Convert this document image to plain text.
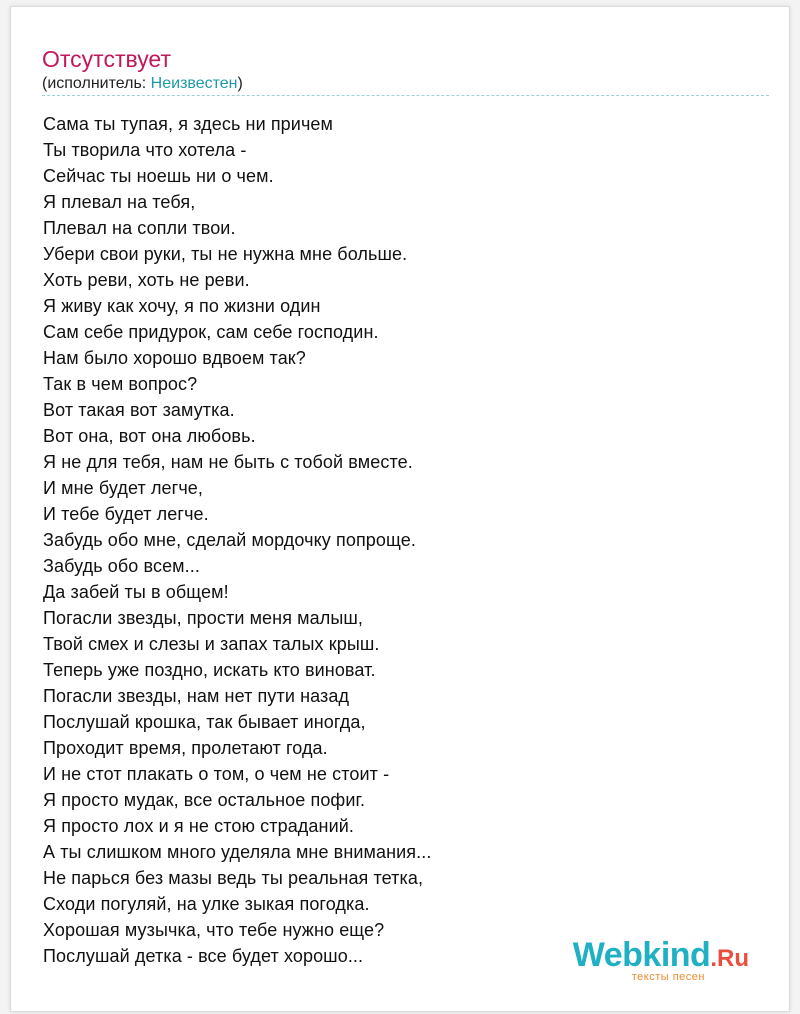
Отсутствует
(исполнитель: Неизвестен)
Сама ты тупая, я здесь ни причем
Ты творила что хотела -
Сейчас ты ноешь ни о чем.
Я плевал на тебя,
Плевал на сопли твои.
Убери свои руки, ты не нужна мне больше.
Хоть реви, хоть не реви.
Я живу как хочу, я по жизни один
Сам себе придурок, сам себе господин.
Нам было хорошо вдвоем так?
Так в чем вопрос?
Вот такая вот замутка.
Вот она, вот она любовь.
Я не для тебя, нам не быть с тобой вместе.
И мне будет легче,
И тебе будет легче.
Забудь обо мне, сделай мордочку попроще.
Забудь обо всем...
Да забей ты в общем!
Погасли звезды, прости меня малыш,
Твой смех и слезы и запах талых крыш.
Теперь уже поздно, искать кто виноват.
Погасли звезды, нам нет пути назад
Послушай крошка, так бывает иногда,
Проходит время, пролетают года.
И не стот плакать о том, о чем не стоит -
Я просто мудак, все остальное пофиг.
Я просто лох и я не стою страданий.
А ты слишком много уделяла мне внимания...
Не парься без мазы ведь ты реальная тетка,
Сходи погуляй, на улке зыкая погодка.
Хорошая музычка, что тебе нужно еще?
Послушай детка - все будет хорошо...	Webkind.Ru
тексты песен
